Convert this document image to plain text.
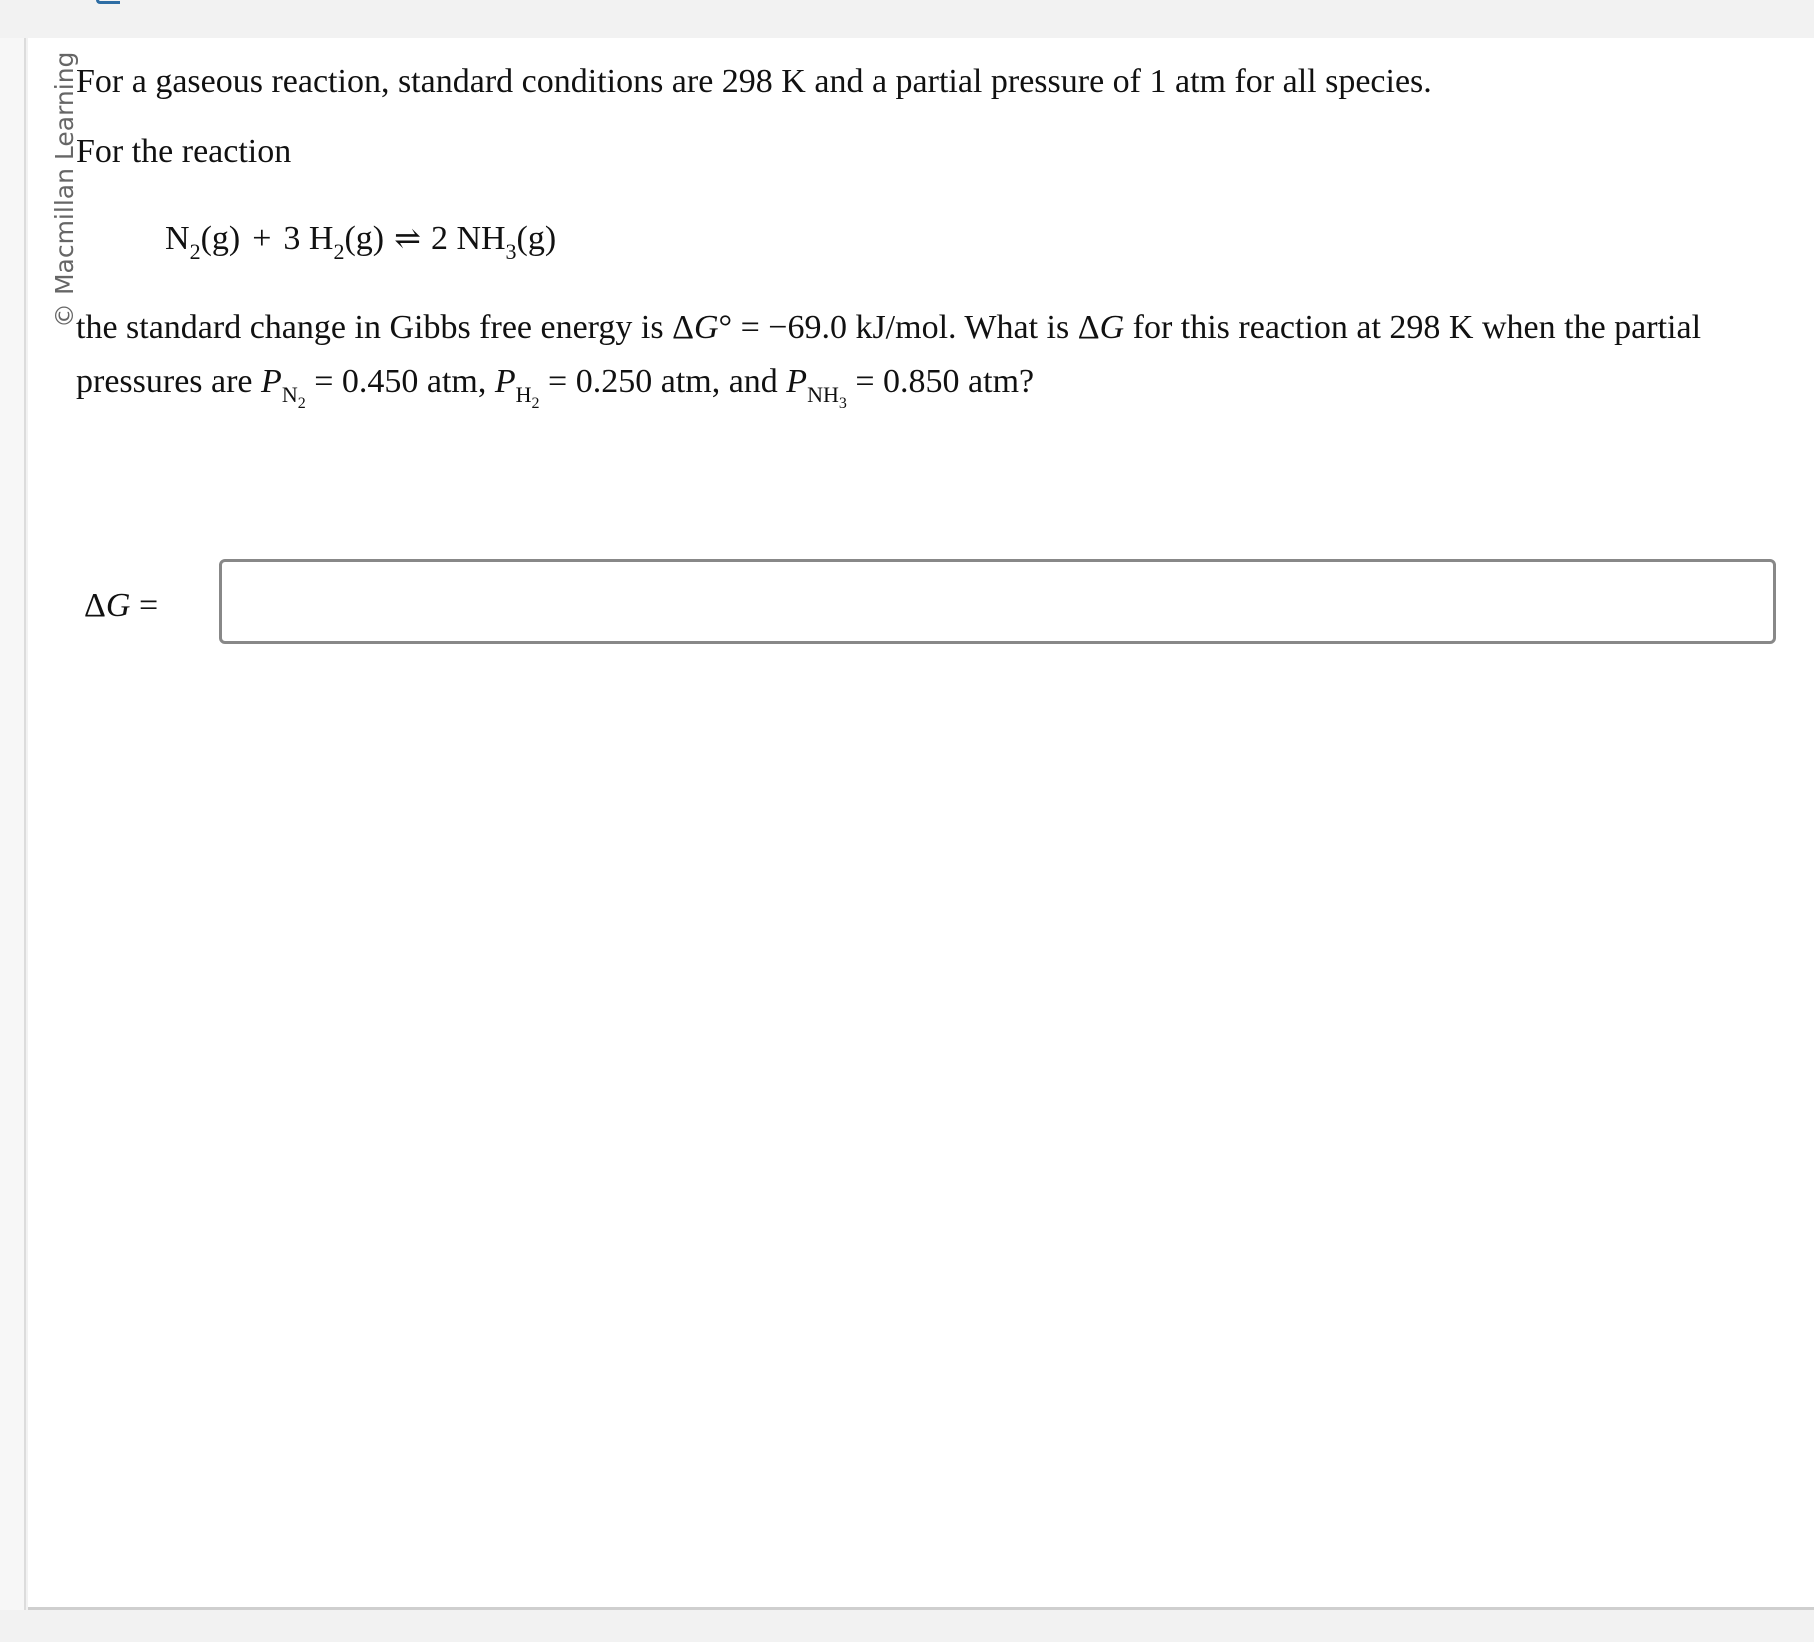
© Macmillan Learning
For a gaseous reaction, standard conditions are 298 K and a partial pressure of 1 atm for all species.
For the reaction
$N_2(g) + 3$ $H_2(g)$ ⇌ 2 $NH_3(g)$
the standard change in Gibbs free energy is ΔG° = −69.0 kJ/mol. What is ΔG for this reaction at 298 K when the partial
pressures are $P_{N_2} = 0.450$ atm, $P_{H_2} = 0.250$ atm, and $P_{NH_3} = 0.850$ atm?
ΔG =
